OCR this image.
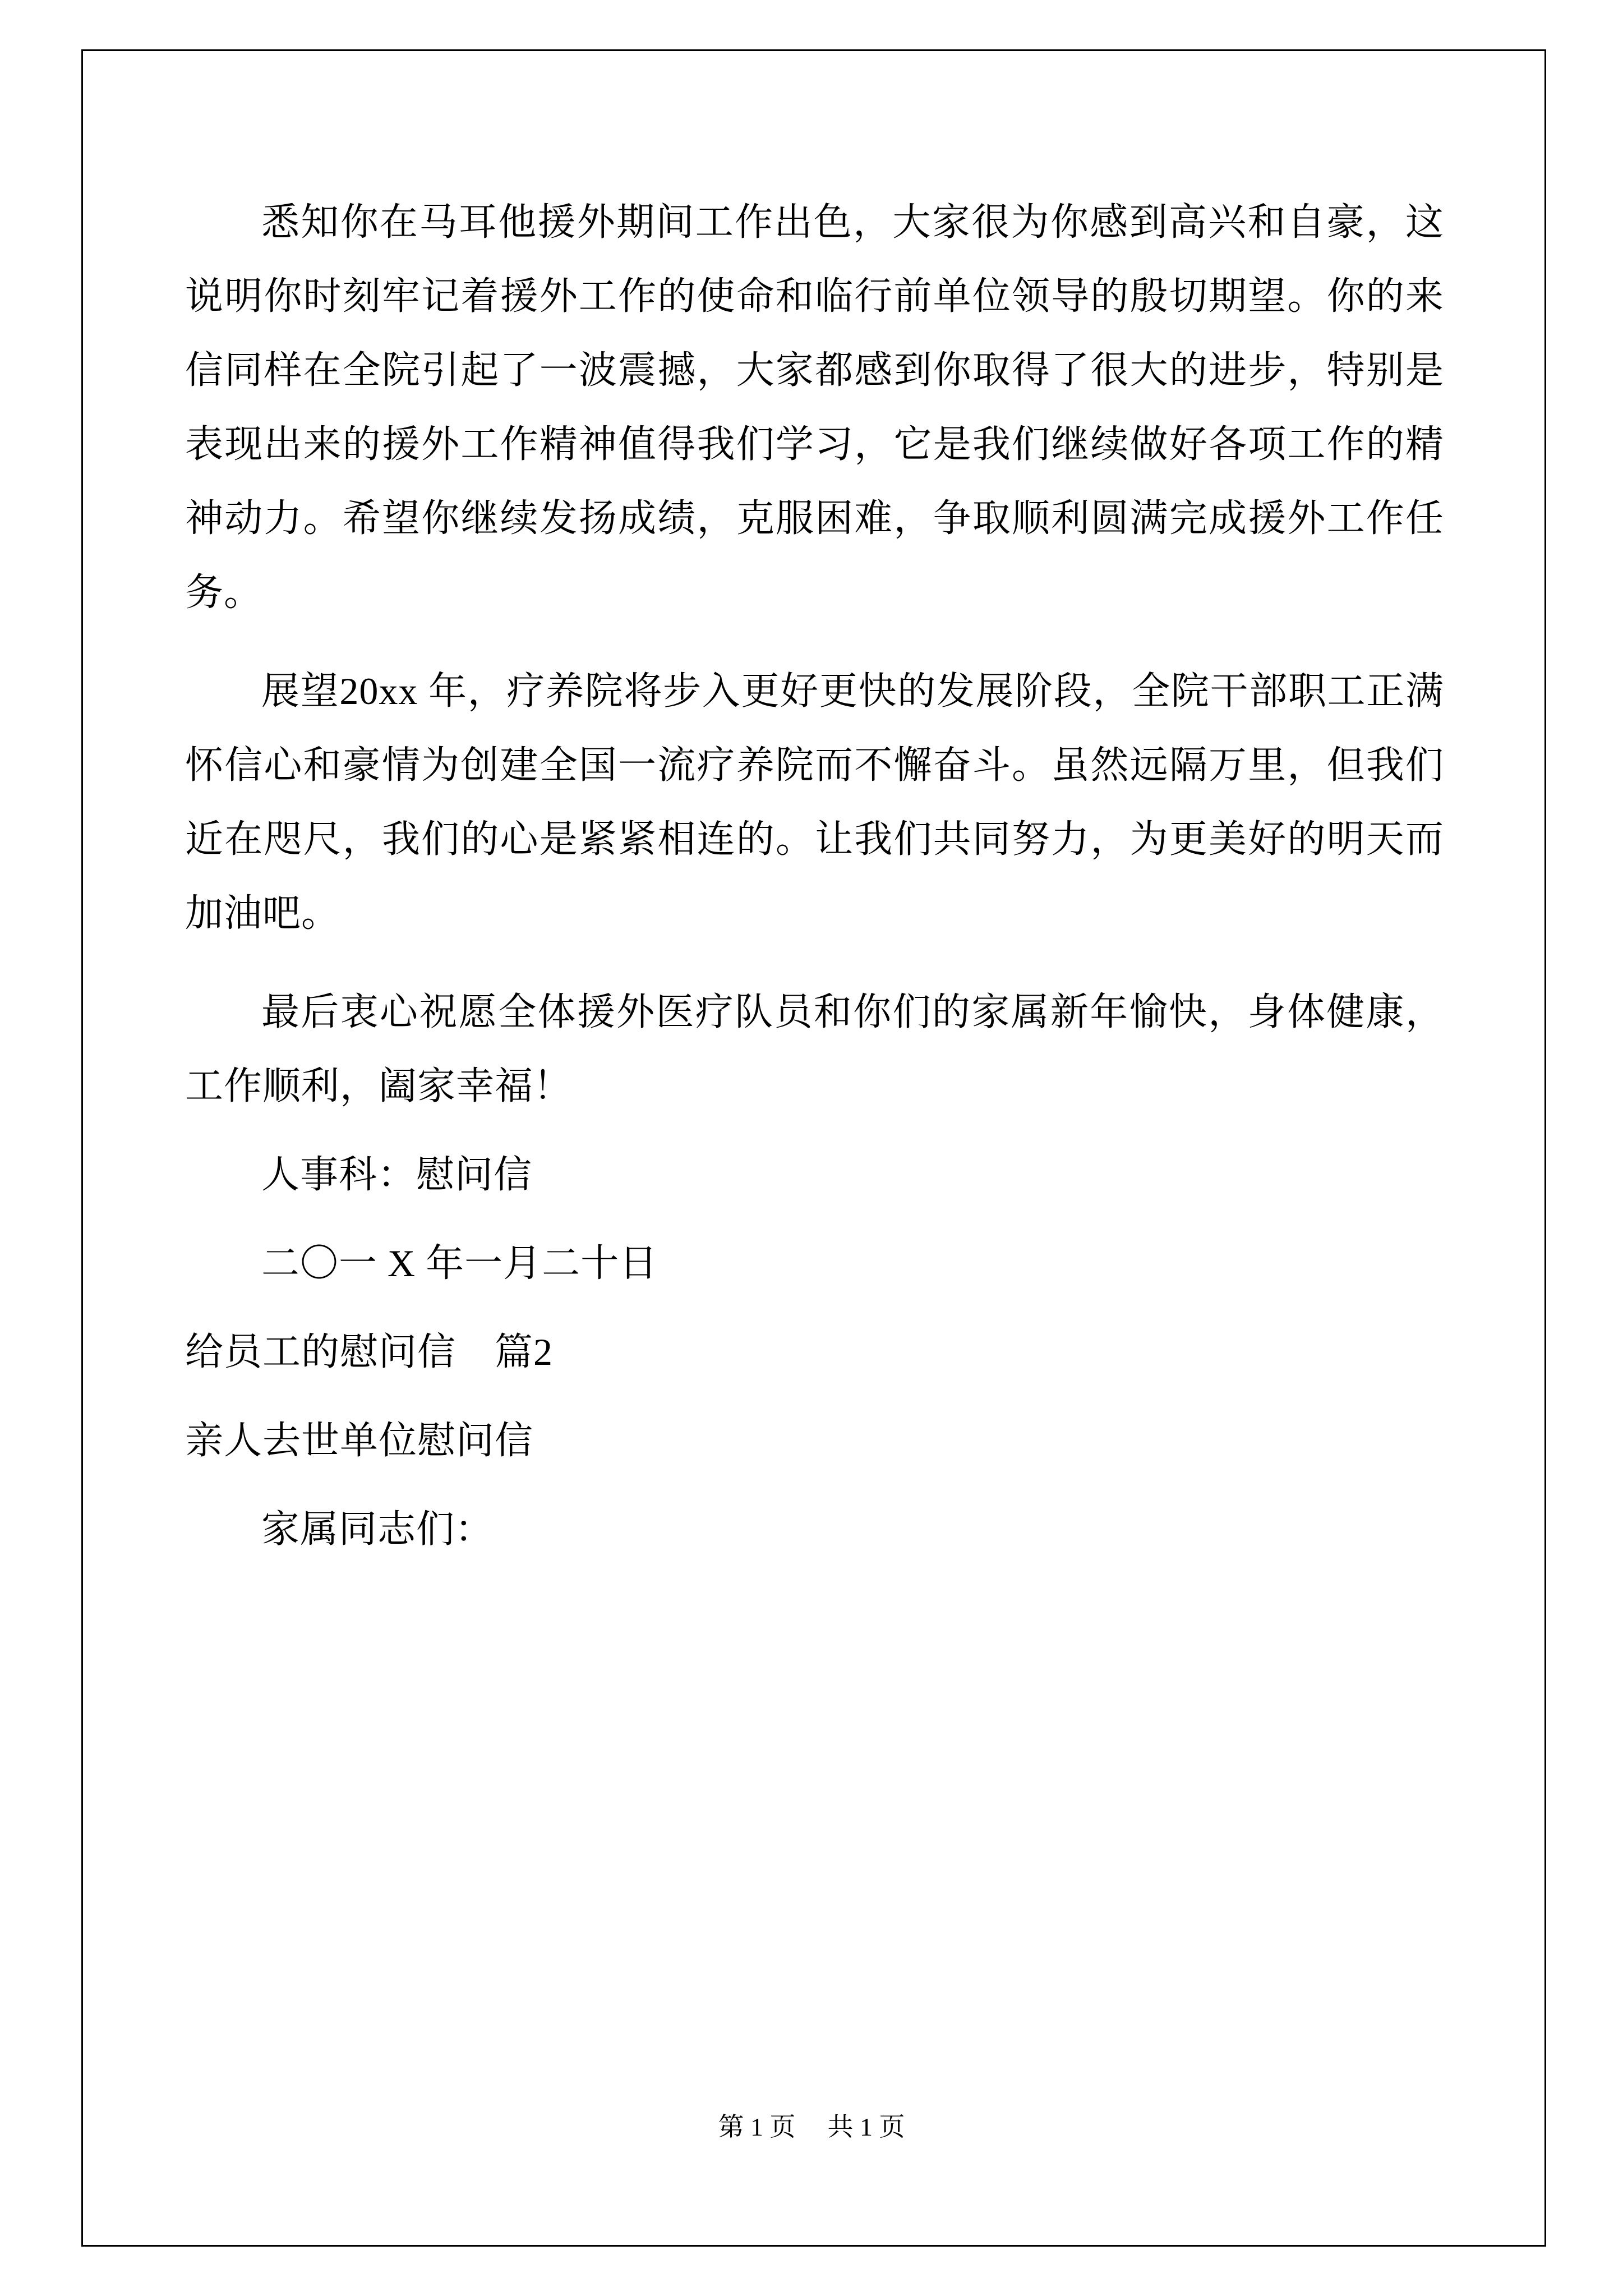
悉知你在马耳他援外期间工作出色，大家很为你感到高兴和自豪，这说明你时刻牢记着援外工作的使命和临行前单位领导的殷切期望。你的来信同样在全院引起了一波震撼，大家都感到你取得了很大的进步，特别是表现出来的援外工作精神值得我们学习，它是我们继续做好各项工作的精神动力。希望你继续发扬成绩，克服困难，争取顺利圆满完成援外工作任务。

展望20xx 年，疗养院将步入更好更快的发展阶段，全院干部职工正满怀信心和豪情为创建全国一流疗养院而不懈奋斗。虽然远隔万里，但我们近在咫尺，我们的心是紧紧相连的。让我们共同努力，为更美好的明天而加油吧。

最后衷心祝愿全体援外医疗队员和你们的家属新年愉快，身体健康，工作顺利，阖家幸福！

人事科：慰问信

二〇一 X 年一月二十日

给员工的慰问信　篇2

亲人去世单位慰问信

家属同志们：

第 1 页 共 1 页
